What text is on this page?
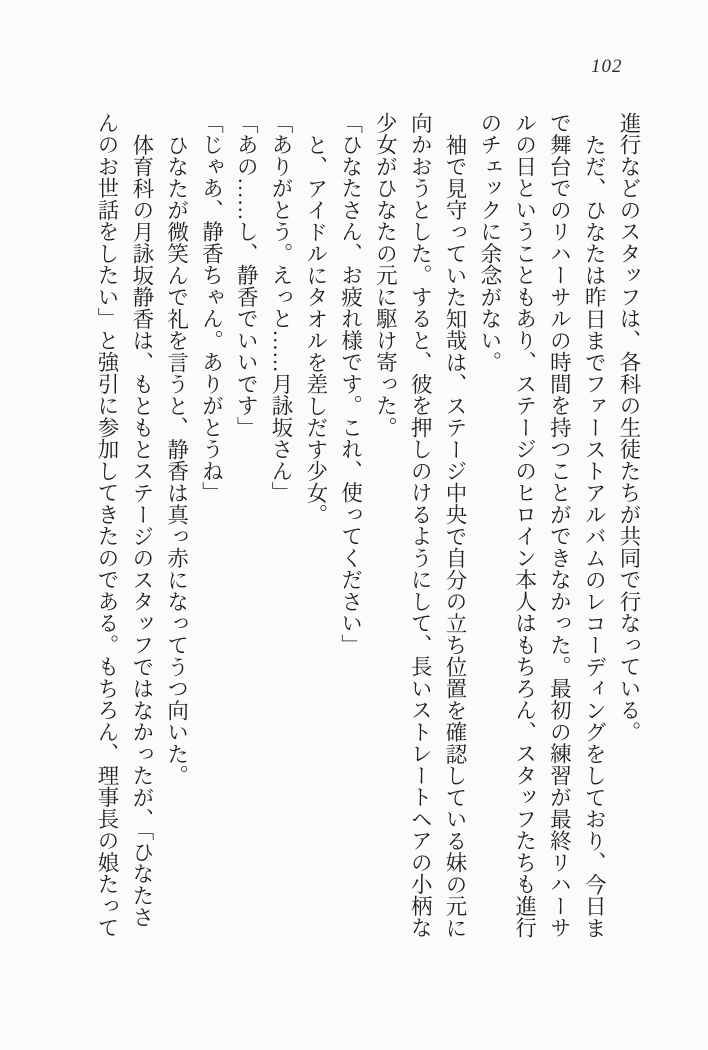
102

進行などのスタッフは、各科の生徒たちが共同で行なっている。

ただ、ひなたは昨日までファーストアルバムのレコーディングをしており、今日ま

で舞台でのリハーサルの時間を持つことができなかった。最初の練習が最終リハーサ

ルの日ということもあり、ステージのヒロイン本人はもちろん、スタッフたちも進行

のチェックに余念がない。

袖で見守っていた知哉は、ステージ中央で自分の立ち位置を確認している妹の元に

向かおうとした。すると、彼を押しのけるようにして、長いストレートヘアの小柄な

少女がひなたの元に駆け寄った。

「ひなたさん、お疲れ様です。これ、使ってください」

と、アイドルにタオルを差しだす少女。

「ありがとう。えっと……月詠坂さん」

「あの……し、静香でいいです」

「じゃあ、静香ちゃん。ありがとうね」

ひなたが微笑んで礼を言うと、静香は真っ赤になってうつ向いた。

体育科の月詠坂静香は、もともとステージのスタッフではなかったが、「ひなたさ

んのお世話をしたい」と強引に参加してきたのである。もちろん、理事長の娘たって
